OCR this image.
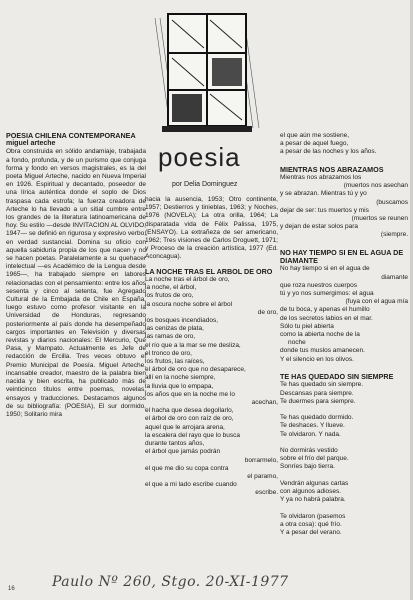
poesia
por Delia Dominguez

POESIA CHILENA CONTEMPORANEA

miguel arteche

Obra construida en sólido andamiaje, trabajada a fondo, profunda, y de un purismo que conjuga forma y fondo en versos magistrales, es la del poeta Miguel Arteche, nacido en Nueva Imperial en 1926. Espiritual y decantado, poseedor de una lírica auténtica donde el soplo de Dios traspasa cada estrofa; la fuerza creadora de Arteche lo ha llevado a un sitial cumbre entre los grandes de la literatura latinoamericana de hoy. Su estilo —desde INVITACION AL OLVIDO, 1947— se definió en rigurosa y expresivo verbo, en verdad sustancial. Domina su oficio con aquella sabiduría propia de los que nacen y no se hacen poetas. Paralelamente a su quehacer intelectual —es Académico de la Lengua desde 1965—, ha trabajado siempre en labores relacionadas con el pensamiento: entre los años sesenta y cinco al setenta, fue Agregado Cultural de la Embajada de Chile en España, luego estuvo como profesor visitante en la Universidad de Honduras, regresando posteriormente al país donde ha desempeñado cargos importantes en Televisión y diversas revistas y diarios nacionales: El Mercurio, Qué Pasa, y Mampato. Actualmente es Jefe de redacción de Ercilla. Tres veces obtuvo el Premio Municipal de Poesía. Miguel Arteche, incansable creador, maestro de la palabra bien nacida y bien escrita, ha publicado más de veinticinco títulos entre poemas, novelas, ensayos y traducciones. Destacamos algunos de su bibliografía: (POESIA), El sur dormido, 1950; Solitario mira

hacia la ausencia, 1953; Otro continente, 1957; Destierros y tinieblas, 1963; y Noches, 1976 (NOVELA); La otra orilla, 1964; La disparatada vida de Félix Palissa, 1975, (ENSAYO). La extrañeza de ser americano, 1962; Tres visiones de Carlos Droguett, 1971; y Proceso de la creación artística, 1977 (Ed. Aconcagua).

LA NOCHE TRAS EL ARBOL DE ORO

La noche tras el árbol de oro,

la noche, el árbol,

los frutos de oro,

la oscura noche sobre el árbol

de oro,

los bosques incendiados,

las cenizas de plata,

las ramas de oro,

el río que a la mar se me desliza,

el tronco de oro,

los frutos, las raíces,

el árbol de oro que no desaparece,

allí en la noche siempre,

la lluvia que lo empapa,

los años que en la noche me lo

acechan,

el hacha que desea degollarlo,

el árbol de oro con raíz de oro,

aquel que le arrojara arena,

la escalera del rayo que lo busca

durante tantos años,

el árbol que jamás podrán

borrarmelo,

el que me dio su copa contra

el paramo,

el que a mi lado escribe cuando

escribe.

el que aún me sostiene,

a pesar de aquel fuego,

a pesar de las noches y los años.

MIENTRAS NOS ABRAZAMOS

Mientras nos abrazamos los

(muertos nos asechan

y se abrazan. Mientras tú y yo

(buscamos

dejar de ser: tus muertos y mis

(muertos se reunen

y dejan de estar solos para

(siempre.

NO HAY TIEMPO SI EN EL AGUA DE DIAMANTE

No hay tiempo si en el agua de

diamante

que roza nuestros cuerpos

tú y yo nos sumergimos: el agua

(fuya con el agua mía

de tu boca, y apenas el humillo

de los secretos labios en el mar.

Sólo tu piel abierta

como la abierta noche de la

noche

donde tus muslos amanecen.

Y el silencio en los olivos.

TE HAS QUEDADO SIN SIEMPRE

Te has quedado sin siempre.

Descansas para siempre.

Te duermes para siempre.

Te has quedado dormido.

Te deshaces. Y llueve.

Te olvidaron. Y nada.

No dormirás vestido

sobre el frío del parque.

Sonríes bajo tierra.

Vendrán algunas cartas

con algunos adioses.

Y ya no habrá palabra.

Te olvidaron (pasemos

a otra cosa): qué frío.

Y a pesar del verano.

Paulo Nº 260, Stgo. 20-XI-1977
16
